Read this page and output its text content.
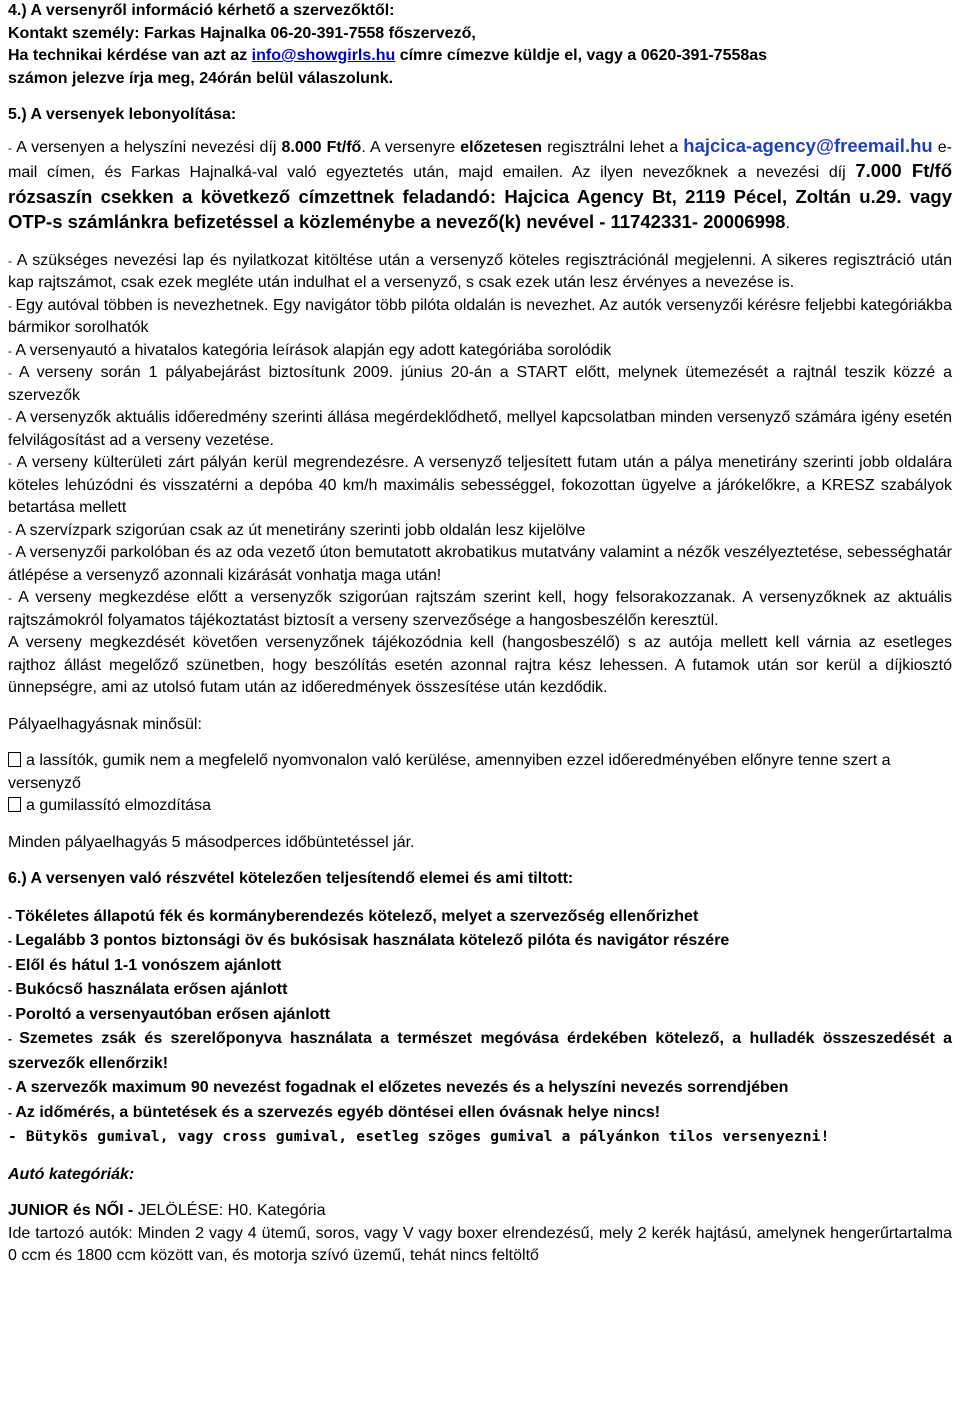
4.) A versenyről információ kérhető a szervezőktől:

Kontakt személy: Farkas Hajnalka 06-20-391-7558 főszervező,

Ha technikai kérdése van azt az info@showgirls.hu címre címezve küldje el, vagy a 0620-391-7558as

számon jelezve írja meg, 24órán belül válaszolunk.

5.) A versenyek lebonyolítása:

- A versenyen a helyszíni nevezési díj 8.000 Ft/fő. A versenyre előzetesen regisztrálni lehet a hajcica-agency@freemail.hu e-mail címen, és Farkas Hajnalká-val való egyeztetés után, majd emailen. Az ilyen nevezőknek a nevezési díj 7.000 Ft/fő rózsaszín csekken a következő címzettnek feladandó: Hajcica Agency Bt, 2119 Pécel, Zoltán u.29. vagy OTP-s számlánkra befizetéssel a közleménybe a nevező(k) nevével - 11742331- 20006998.

- A szükséges nevezési lap és nyilatkozat kitöltése után a versenyző köteles regisztrációnál megjelenni. A sikeres regisztráció után kap rajtszámot, csak ezek megléte után indulhat el a versenyző, s csak ezek után lesz érvényes a nevezése is.

- Egy autóval többen is nevezhetnek. Egy navigátor több pilóta oldalán is nevezhet. Az autók versenyzői kérésre feljebbi kategóriákba bármikor sorolhatók

- A versenyautó a hivatalos kategória leírások alapján egy adott kategóriába sorolódik

- A verseny során 1 pályabejárást biztosítunk 2009. június 20-án a START előtt, melynek ütemezését a rajtnál teszik közzé a szervezők

- A versenyzők aktuális időeredmény szerinti állása megérdeklődhető, mellyel kapcsolatban minden versenyző számára igény esetén felvilágosítást ad a verseny vezetése.

- A verseny külterületi zárt pályán kerül megrendezésre. A versenyző teljesített futam után a pálya menetirány szerinti jobb oldalára köteles lehúzódni és visszatérni a depóba 40 km/h maximális sebességgel, fokozottan ügyelve a járókelőkre, a KRESZ szabályok betartása mellett

- A szervízpark szigorúan csak az út menetirány szerinti jobb oldalán lesz kijelölve

- A versenyzői parkolóban és az oda vezető úton bemutatott akrobatikus mutatvány valamint a nézők veszélyeztetése, sebességhatár átlépése a versenyző azonnali kizárását vonhatja maga után!

- A verseny megkezdése előtt a versenyzők szigorúan rajtszám szerint kell, hogy felsorakozzanak. A versenyzőknek az aktuális rajtszámokról folyamatos tájékoztatást biztosít a verseny szervezősége a hangosbeszélőn keresztül.

A verseny megkezdését követően versenyzőnek tájékozódnia kell (hangosbeszélő) s az autója mellett kell várnia az esetleges rajthoz állást megelőző szünetben, hogy beszólítás esetén azonnal rajtra kész lehessen. A futamok után sor kerül a díjkiosztó ünnepségre, ami az utolsó futam után az időeredmények összesítése után kezdődik.

Pályaelhagyásnak minősül:

a lassítók, gumik nem a megfelelő nyomvonalon való kerülése, amennyiben ezzel időeredményében előnyre tenne szert a versenyző

a gumilassító elmozdítása

Minden pályaelhagyás 5 másodperces időbüntetéssel jár.

6.) A versenyen való részvétel kötelezően teljesítendő elemei és ami tiltott:

- Tökéletes állapotú fék és kormányberendezés kötelező, melyet a szervezőség ellenőrizhet

- Legalább 3 pontos biztonsági öv és bukósisak használata kötelező pilóta és navigátor részére

- Elől és hátul 1-1 vonószem ajánlott

- Bukócső használata erősen ajánlott

- Poroltó a versenyautóban erősen ajánlott

- Szemetes zsák és szerelőponyva használata a természet megóvása érdekében kötelező, a hulladék összeszedését a szervezők ellenőrzik!

- A szervezők maximum 90 nevezést fogadnak el előzetes nevezés és a helyszíni nevezés sorrendjében

- Az időmérés, a büntetések és a szervezés egyéb döntései ellen óvásnak helye nincs!

- Bütykös gumival, vagy cross gumival, esetleg szöges gumival a pályánkon tilos versenyezni!

Autó kategóriák:

JUNIOR és NŐI - JELÖLÉSE: H0. Kategória

Ide tartozó autók: Minden 2 vagy 4 ütemű, soros, vagy V vagy boxer elrendezésű, mely 2 kerék hajtású, amelynek hengerűrtartalma 0 ccm és 1800 ccm között van, és motorja szívó üzemű, tehát nincs feltöltő
